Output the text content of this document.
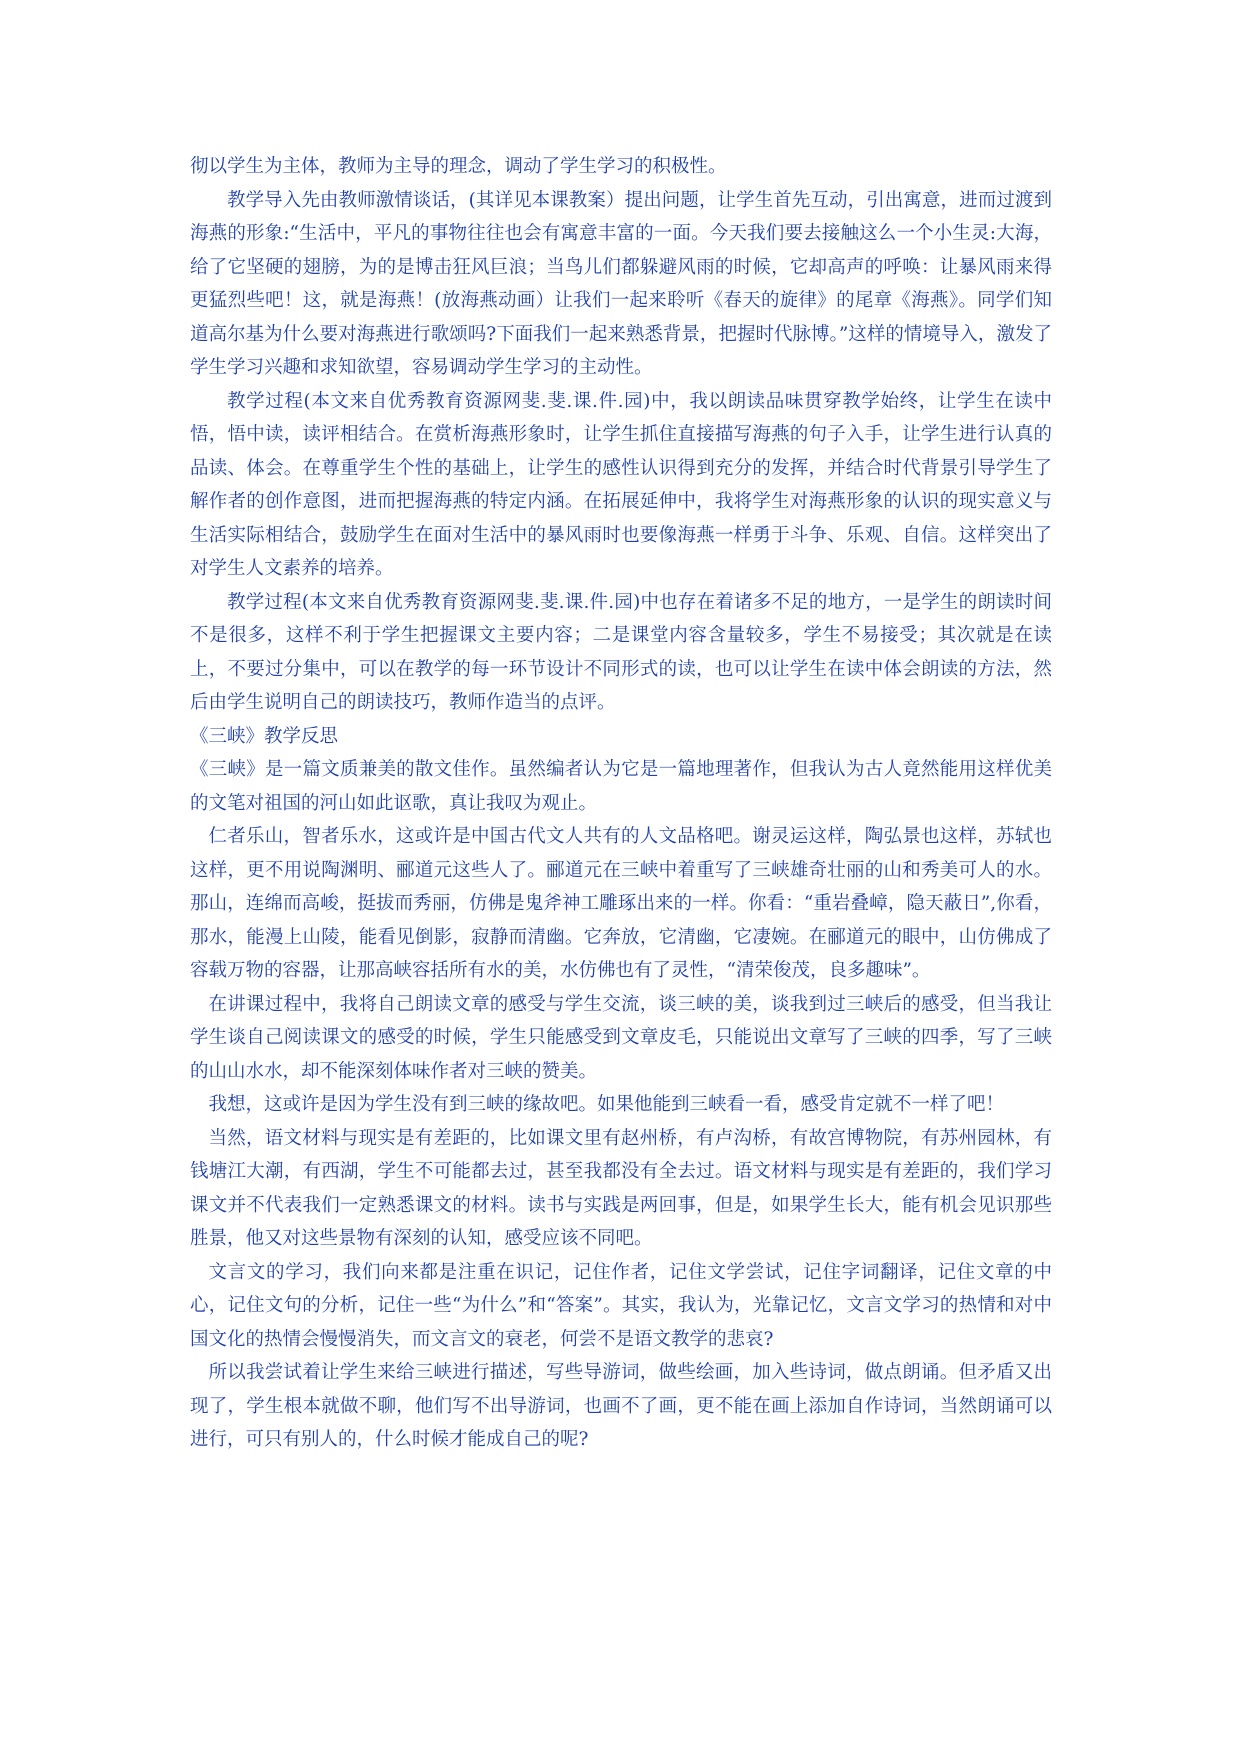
彻以学生为主体，教师为主导的理念，调动了学生学习的积极性。

教学导入先由教师激情谈话，(其详见本课教案）提出问题，让学生首先互动，引出寓意，进而过渡到海燕的形象:“生活中，平凡的事物往往也会有寓意丰富的一面。今天我们要去接触这么一个小生灵:大海，给了它坚硬的翅膀，为的是博击狂风巨浪；当鸟儿们都躲避风雨的时候，它却高声的呼唤：让暴风雨来得更猛烈些吧！这，就是海燕！(放海燕动画）让我们一起来聆听《春天的旋律》的尾章《海燕》。同学们知道高尔基为什么要对海燕进行歌颂吗?下面我们一起来熟悉背景，把握时代脉博。”这样的情境导入，激发了学生学习兴趣和求知欲望，容易调动学生学习的主动性。

教学过程(本文来自优秀教育资源网斐.斐.课.件.园)中，我以朗读品味贯穿教学始终，让学生在读中悟，悟中读，读评相结合。在赏析海燕形象时，让学生抓住直接描写海燕的句子入手，让学生进行认真的品读、体会。在尊重学生个性的基础上，让学生的感性认识得到充分的发挥，并结合时代背景引导学生了解作者的创作意图，进而把握海燕的特定内涵。在拓展延伸中，我将学生对海燕形象的认识的现实意义与生活实际相结合，鼓励学生在面对生活中的暴风雨时也要像海燕一样勇于斗争、乐观、自信。这样突出了对学生人文素养的培养。

教学过程(本文来自优秀教育资源网斐.斐.课.件.园)中也存在着诸多不足的地方，一是学生的朗读时间不是很多，这样不利于学生把握课文主要内容；二是课堂内容含量较多，学生不易接受；其次就是在读上，不要过分集中，可以在教学的每一环节设计不同形式的读，也可以让学生在读中体会朗读的方法，然后由学生说明自己的朗读技巧，教师作造当的点评。

《三峡》教学反思

《三峡》是一篇文质兼美的散文佳作。虽然编者认为它是一篇地理著作，但我认为古人竟然能用这样优美的文笔对祖国的河山如此讴歌，真让我叹为观止。

仁者乐山，智者乐水，这或许是中国古代文人共有的人文品格吧。谢灵运这样，陶弘景也这样，苏轼也这样，更不用说陶渊明、郦道元这些人了。郦道元在三峡中着重写了三峡雄奇壮丽的山和秀美可人的水。那山，连绵而高峻，挺拔而秀丽，仿佛是鬼斧神工雕琢出来的一样。你看：“重岩叠嶂，隐天蔽日”,你看，那水，能漫上山陵，能看见倒影，寂静而清幽。它奔放，它清幽，它凄婉。在郦道元的眼中，山仿佛成了容载万物的容器，让那高峡容括所有水的美，水仿佛也有了灵性，“清荣俊茂，良多趣味”。

在讲课过程中，我将自己朗读文章的感受与学生交流，谈三峡的美，谈我到过三峡后的感受，但当我让学生谈自己阅读课文的感受的时候，学生只能感受到文章皮毛，只能说出文章写了三峡的四季，写了三峡的山山水水，却不能深刻体味作者对三峡的赞美。

我想，这或许是因为学生没有到三峡的缘故吧。如果他能到三峡看一看，感受肯定就不一样了吧！

当然，语文材料与现实是有差距的，比如课文里有赵州桥，有卢沟桥，有故宫博物院，有苏州园林，有钱塘江大潮，有西湖，学生不可能都去过，甚至我都没有全去过。语文材料与现实是有差距的，我们学习课文并不代表我们一定熟悉课文的材料。读书与实践是两回事，但是，如果学生长大，能有机会见识那些胜景，他又对这些景物有深刻的认知，感受应该不同吧。

文言文的学习，我们向来都是注重在识记，记住作者，记住文学尝试，记住字词翻译，记住文章的中心，记住文句的分析，记住一些“为什么”和“答案”。其实，我认为，光靠记忆，文言文学习的热情和对中国文化的热情会慢慢消失，而文言文的衰老，何尝不是语文教学的悲哀?

所以我尝试着让学生来给三峡进行描述，写些导游词，做些绘画，加入些诗词，做点朗诵。但矛盾又出现了，学生根本就做不聊，他们写不出导游词，也画不了画，更不能在画上添加自作诗词，当然朗诵可以进行，可只有别人的，什么时候才能成自己的呢?
